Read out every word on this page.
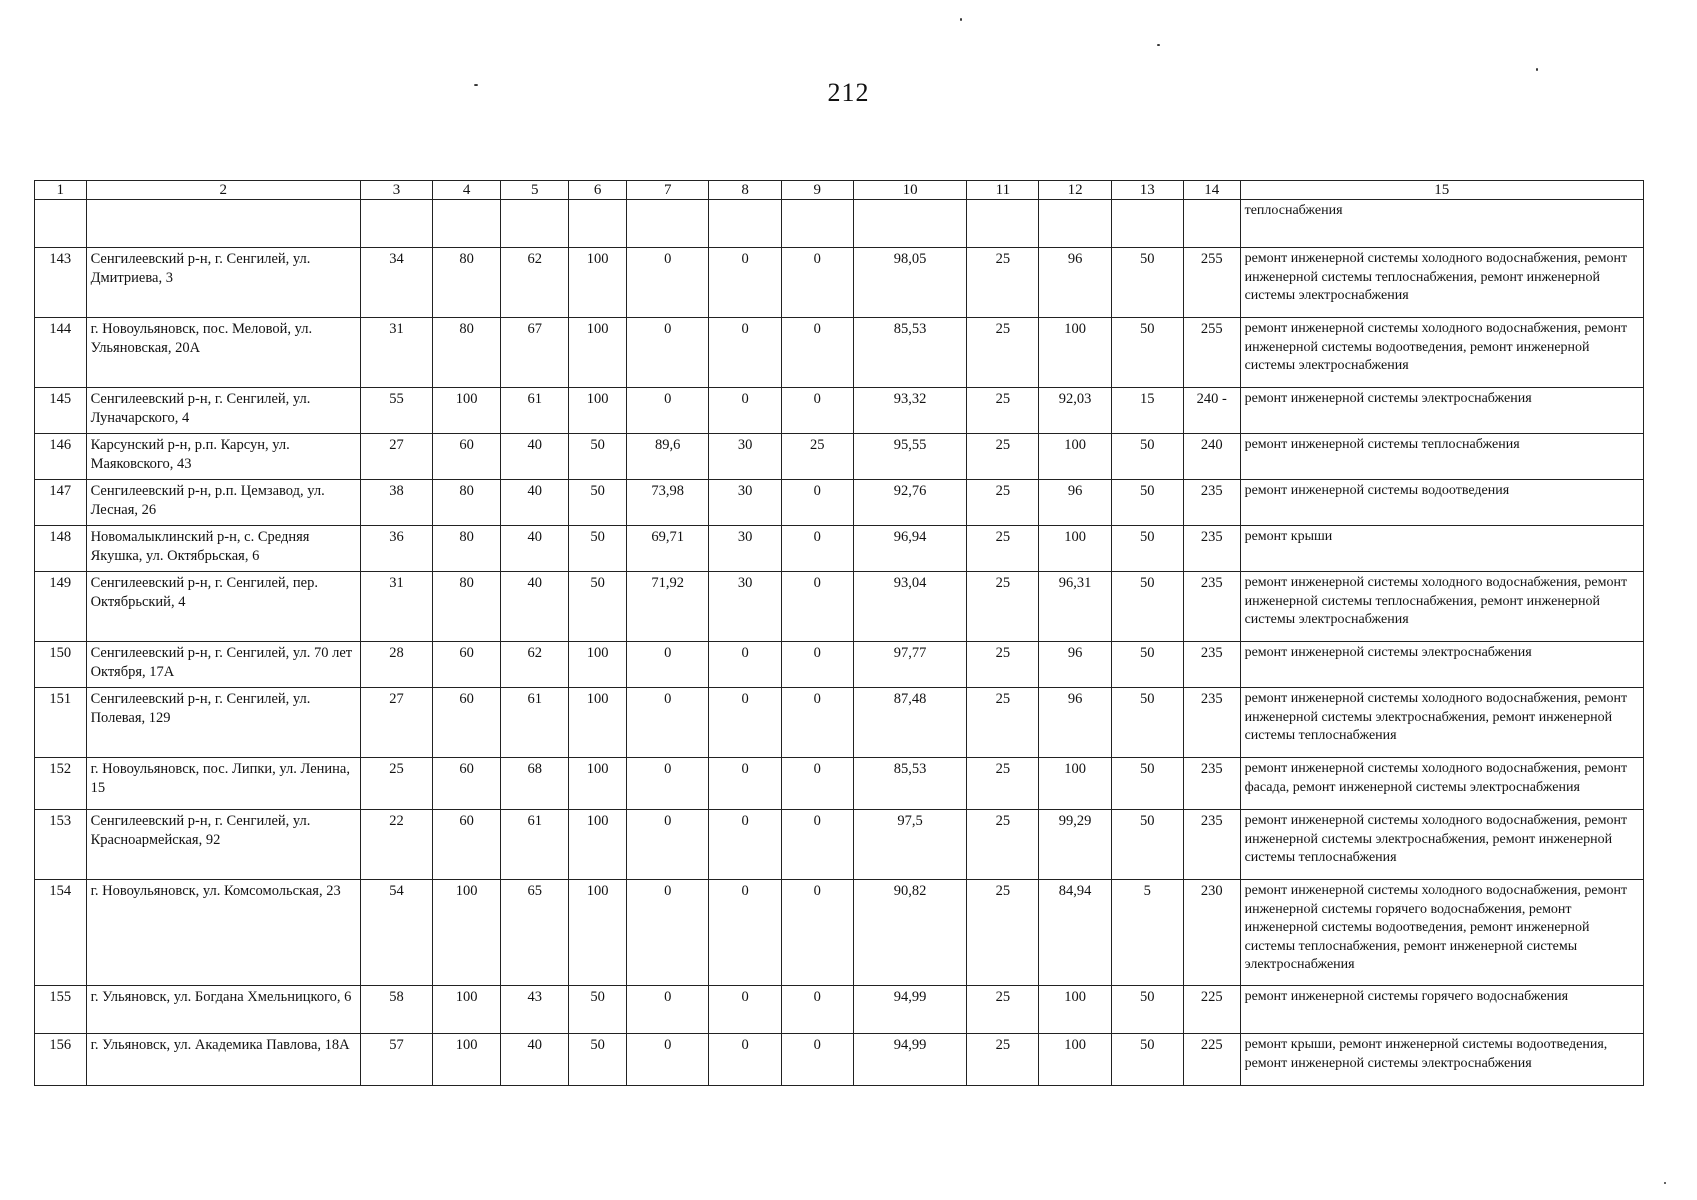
212
1	2	3	4	5	6	7	8	9	10	11	12	13	14	15
														теплоснабжения
143	Сенгилеевский р-н, г. Сенгилей, ул. Дмитриева, 3	34	80	62	100	0	0	0	98,05	25	96	50	255	ремонт инженерной системы холодного водоснабжения, ремонт инженерной системы теплоснабжения, ремонт инженерной системы электроснабжения
144	г. Новоульяновск, пос. Меловой, ул. Ульяновская, 20А	31	80	67	100	0	0	0	85,53	25	100	50	255	ремонт инженерной системы холодного водоснабжения, ремонт инженерной системы водоотведения, ремонт инженерной системы электроснабжения
145	Сенгилеевский р-н, г. Сенгилей, ул. Луначарского, 4	55	100	61	100	0	0	0	93,32	25	92,03	15	240 -	ремонт инженерной системы электроснабжения
146	Карсунский р-н, р.п. Карсун, ул. Маяковского, 43	27	60	40	50	89,6	30	25	95,55	25	100	50	240	ремонт инженерной системы теплоснабжения
147	Сенгилеевский р-н, р.п. Цемзавод, ул. Лесная, 26	38	80	40	50	73,98	30	0	92,76	25	96	50	235	ремонт инженерной системы водоотведения
148	Новомалыклинский р-н, с. Средняя Якушка, ул. Октябрьская, 6	36	80	40	50	69,71	30	0	96,94	25	100	50	235	ремонт крыши
149	Сенгилеевский р-н, г. Сенгилей, пер. Октябрьский, 4	31	80	40	50	71,92	30	0	93,04	25	96,31	50	235	ремонт инженерной системы холодного водоснабжения, ремонт инженерной системы теплоснабжения, ремонт инженерной системы электроснабжения
150	Сенгилеевский р-н, г. Сенгилей, ул. 70 лет Октября, 17А	28	60	62	100	0	0	0	97,77	25	96	50	235	ремонт инженерной системы электроснабжения
151	Сенгилеевский р-н, г. Сенгилей, ул. Полевая, 129	27	60	61	100	0	0	0	87,48	25	96	50	235	ремонт инженерной системы холодного водоснабжения, ремонт инженерной системы электроснабжения, ремонт инженерной системы теплоснабжения
152	г. Новоульяновск, пос. Липки, ул. Ленина, 15	25	60	68	100	0	0	0	85,53	25	100	50	235	ремонт инженерной системы холодного водоснабжения, ремонт фасада, ремонт инженерной системы электроснабжения
153	Сенгилеевский р-н, г. Сенгилей, ул. Красноармейская, 92	22	60	61	100	0	0	0	97,5	25	99,29	50	235	ремонт инженерной системы холодного водоснабжения, ремонт инженерной системы электроснабжения, ремонт инженерной системы теплоснабжения
154	г. Новоульяновск, ул. Комсомольская, 23	54	100	65	100	0	0	0	90,82	25	84,94	5	230	ремонт инженерной системы холодного водоснабжения, ремонт инженерной системы горячего водоснабжения, ремонт инженерной системы водоотведения, ремонт инженерной системы теплоснабжения, ремонт инженерной системы электроснабжения
155	г. Ульяновск, ул. Богдана Хмельницкого, 6	58	100	43	50	0	0	0	94,99	25	100	50	225	ремонт инженерной системы горячего водоснабжения
156	г. Ульяновск, ул. Академика Павлова, 18А	57	100	40	50	0	0	0	94,99	25	100	50	225	ремонт крыши, ремонт инженерной системы водоотведения, ремонт инженерной системы электроснабжения
